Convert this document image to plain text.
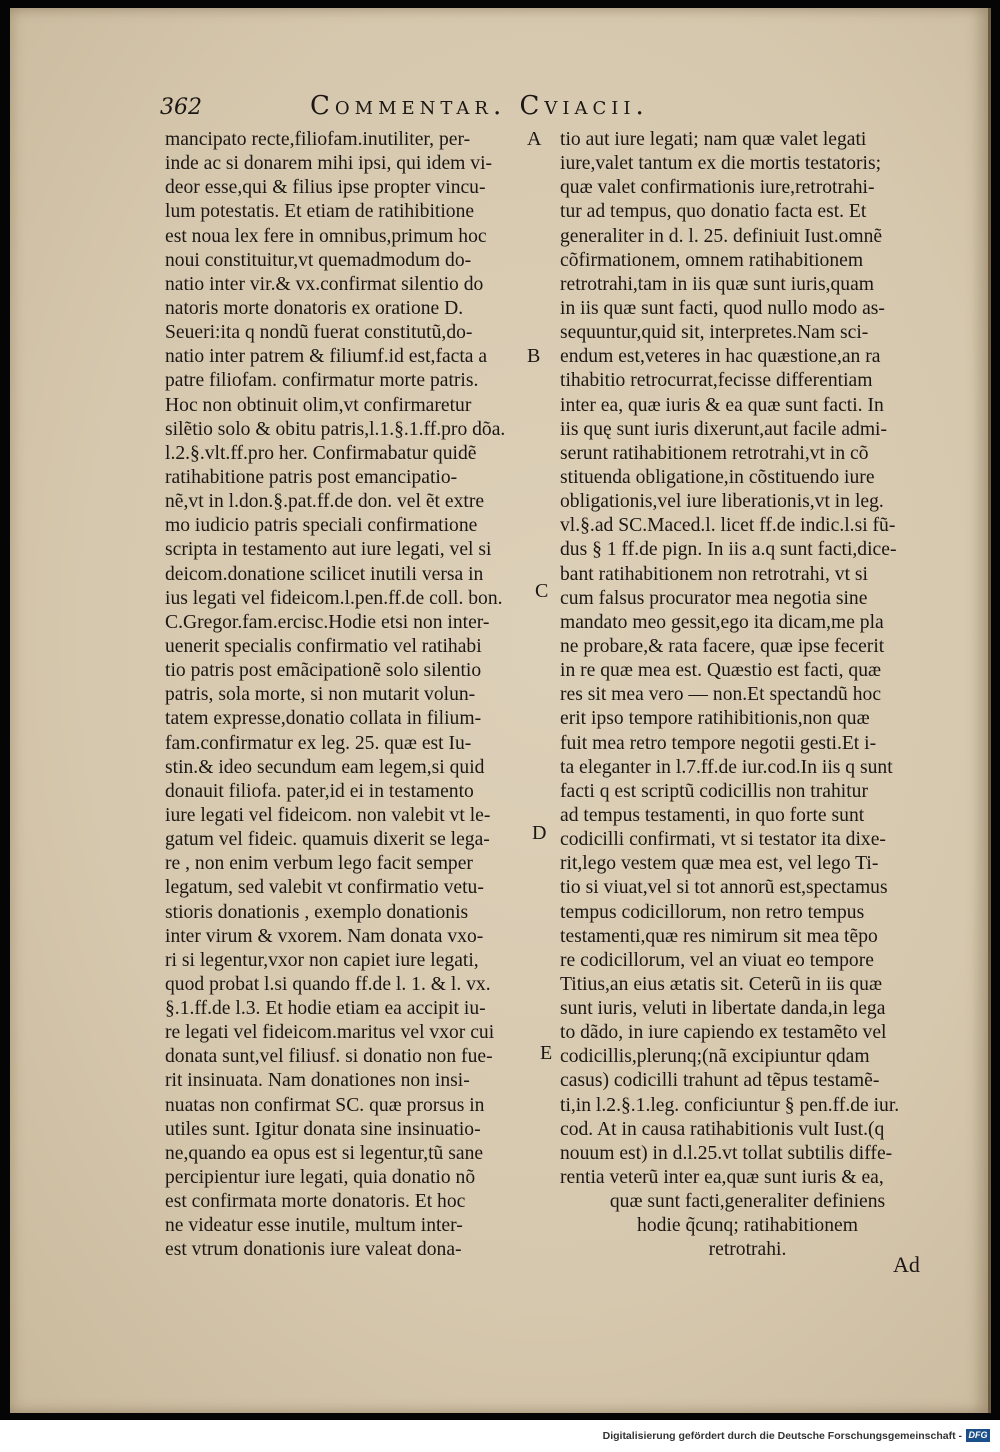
362	Commentar. Cviacii.
mancipato recte,filiofam.inutiliter, per-
inde ac si donarem mihi ipsi, qui idem vi-
deor esse,qui & filius ipse propter vincu-
lum potestatis. Et etiam de ratihibitione
est noua lex fere in omnibus,primum hoc
noui constituitur,vt quemadmodum do-
natio inter vir.& vx.confirmat silentio do
natoris morte donatoris ex oratione D.
Seueri:ita q nondũ fuerat constitutũ,do-
natio inter patrem & filiumf.id est,facta a
patre filiofam. confirmatur morte patris.
Hoc non obtinuit olim,vt confirmaretur
silẽtio solo & obitu patris,l.1.§.1.ff.pro dõa.
l.2.§.vlt.ff.pro her. Confirmabatur quidẽ
ratihabitione patris post emancipatio-
nẽ,vt in l.don.§.pat.ff.de don. vel ẽt extre
mo iudicio patris speciali confirmatione
scripta in testamento aut iure legati, vel si
deicom.donatione scilicet inutili versa in
ius legati vel fideicom.l.pen.ff.de coll. bon.
C.Gregor.fam.ercisc.Hodie etsi non inter-
uenerit specialis confirmatio vel ratihabi
tio patris post emãcipationẽ solo silentio
patris, sola morte, si non mutarit volun-
tatem expresse,donatio collata in filium-
fam.confirmatur ex leg. 25. quæ est Iu-
stin.& ideo secundum eam legem,si quid
donauit filiofa. pater,id ei in testamento
iure legati vel fideicom. non valebit vt le-
gatum vel fideic. quamuis dixerit se lega-
re , non enim verbum lego facit semper
legatum, sed valebit vt confirmatio vetu-
stioris donationis , exemplo donationis
inter virum & vxorem. Nam donata vxo-
ri si legentur,vxor non capiet iure legati,
quod probat l.si quando ff.de l. 1. & l. vx.
§.1.ff.de l.3. Et hodie etiam ea accipit iu-
re legati vel fideicom.maritus vel vxor cui
donata sunt,vel filiusf. si donatio non fue-
rit insinuata. Nam donationes non insi-
nuatas non confirmat SC. quæ prorsus in
utiles sunt. Igitur donata sine insinuatio-
ne,quando ea opus est si legentur,tũ sane
percipientur iure legati, quia donatio nõ
est confirmata morte donatoris. Et hoc
ne videatur esse inutile, multum inter-
est vtrum donationis iure valeat dona-
tio aut iure legati; nam quæ valet legati
iure,valet tantum ex die mortis testatoris;
quæ valet confirmationis iure,retrotrahi-
tur ad tempus, quo donatio facta est. Et
generaliter in d. l. 25. definiuit Iust.omnẽ
cõfirmationem, omnem ratihabitionem
retrotrahi,tam in iis quæ sunt iuris,quam
in iis quæ sunt facti, quod nullo modo as-
sequuntur,quid sit, interpretes.Nam sci-
endum est,veteres in hac quæstione,an ra
tihabitio retrocurrat,fecisse differentiam
inter ea, quæ iuris & ea quæ sunt facti. In
iis quę sunt iuris dixerunt,aut facile admi-
serunt ratihabitionem retrotrahi,vt in cõ
stituenda obligatione,in cõstituendo iure
obligationis,vel iure liberationis,vt in leg.
vl.§.ad SC.Maced.l. licet ff.de indic.l.si fũ-
dus § 1 ff.de pign. In iis a.q sunt facti,dice-
bant ratihabitionem non retrotrahi, vt si
cum falsus procurator mea negotia sine
mandato meo gessit,ego ita dicam,me pla
ne probare,& rata facere, quæ ipse fecerit
in re quæ mea est. Quæstio est facti, quæ
res sit mea vero — non.Et spectandũ hoc
erit ipso tempore ratihibitionis,non quæ
fuit mea retro tempore negotii gesti.Et i-
ta eleganter in l.7.ff.de iur.cod.In iis q sunt
facti q est scriptũ codicillis non trahitur
ad tempus testamenti, in quo forte sunt
codicilli confirmati, vt si testator ita dixe-
rit,lego vestem quæ mea est, vel lego Ti-
tio si viuat,vel si tot annorũ est,spectamus
tempus codicillorum, non retro tempus
testamenti,quæ res nimirum sit mea tẽpo
re codicillorum, vel an viuat eo tempore
Titius,an eius ætatis sit. Ceterũ in iis quæ
sunt iuris, veluti in libertate danda,in lega
to dãdo, in iure capiendo ex testamẽto vel
codicillis,plerunq;(nã excipiuntur qdam
casus) codicilli trahunt ad tẽpus testamẽ-
ti,in l.2.§.1.leg. conficiuntur § pen.ff.de iur.
cod. At in causa ratihabitionis vult Iust.(q
nouum est) in d.l.25.vt tollat subtilis diffe-
rentia veterũ inter ea,quæ sunt iuris & ea,
quæ sunt facti,generaliter definiens
hodie q̃cunq; ratihabitionem
retrotrahi.
A
B
C
D
E
Ad
Digitalisierung gefördert durch die Deutsche Forschungsgemeinschaft - DFG
